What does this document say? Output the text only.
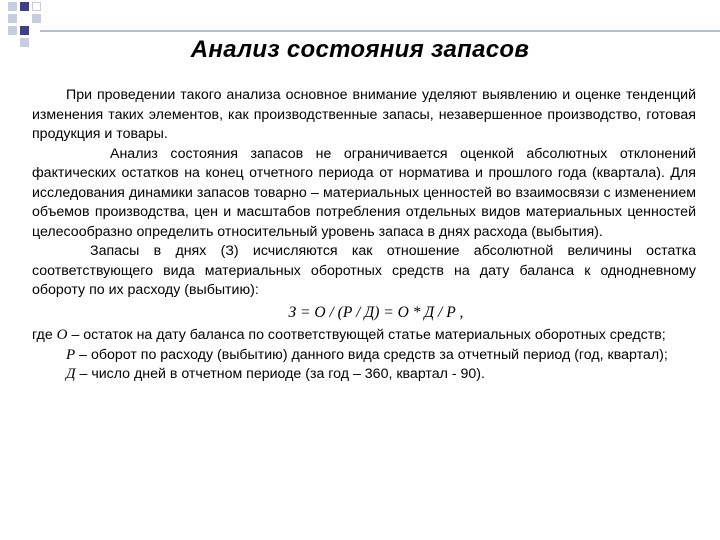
Анализ состояния запасов

При проведении такого анализа основное внимание уделяют выявлению и оценке тенденций изменения таких элементов, как производственные запасы, незавершенное производство, готовая продукция и товары.

Анализ состояния запасов не ограничивается оценкой абсолютных отклонений фактических остатков на конец отчетного периода от норматива и прошлого года (квартала). Для исследования динамики запасов товарно – материальных ценностей во взаимосвязи с изменением объемов производства, цен и масштабов потребления отдельных видов материальных ценностей целесообразно определить относительный уровень запаса в днях расхода (выбытия).

Запасы в днях (З) исчисляются как отношение абсолютной величины остатка соответствующего вида материальных оборотных средств на дату баланса к однодневному обороту по их расходу (выбытию):

З = О / (Р / Д) = О * Д / Р ,

где О – остаток на дату баланса по соответствующей статье материальных оборотных средств;

Р – оборот по расходу (выбытию) данного вида средств за отчетный период (год, квартал);

Д – число дней в отчетном периоде (за год – 360, квартал - 90).
